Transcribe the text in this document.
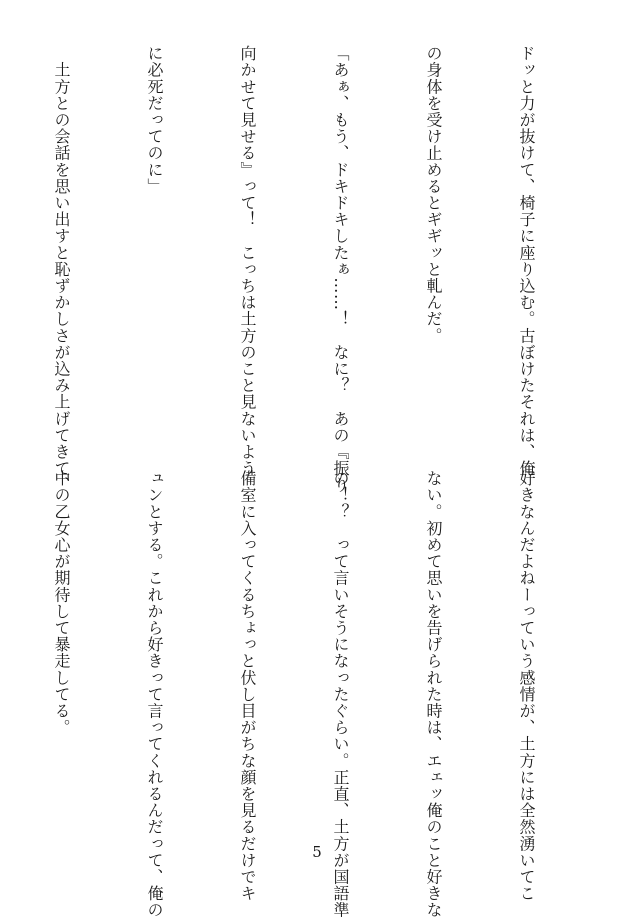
ドッと力が抜けて、椅子に座り込む。古ぼけたそれは、俺

の身体を受け止めるとギギッと軋んだ。

「あぁ、もう、ドキドキしたぁ……！　なに？　あの『振り

向かせて見せる』って！　こっちは土方のこと見ないよう

に必死だってのに」

　土方との会話を思い出すと恥ずかしさが込み上げてきて、

好きなんだよねーっていう感情が、土方には全然湧いてこ

ない。初めて思いを告げられた時は、エェッ俺のこと好きな

の！？　って言いそうになったぐらい。正直、土方が国語準

備室に入ってくるちょっと伏し目がちな顔を見るだけでキ

ュンとする。これから好きって言ってくれるんだって、俺の

中の乙女心が期待して暴走してる。

5
